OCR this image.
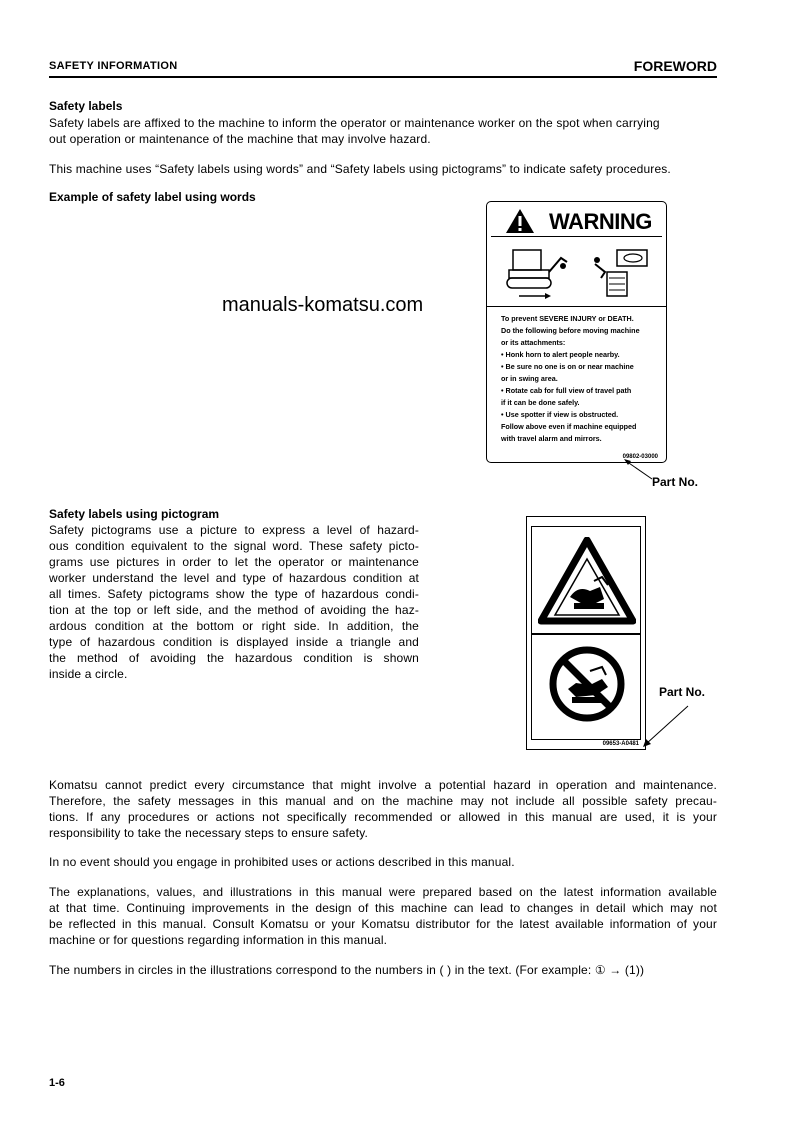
SAFETY INFORMATION	FOREWORD
Safety labels
Safety labels are affixed to the machine to inform the operator or maintenance worker on the spot when carrying
out operation or maintenance of the machine that may involve hazard.
This machine uses “Safety labels using words” and “Safety labels using pictograms” to indicate safety procedures.
Example of safety label using words
manuals-komatsu.com
WARNING
To prevent SEVERE INJURY or DEATH.
Do the following before moving machine
or its attachments:
• Honk horn to alert people nearby.
• Be sure no one is on or near machine
or in swing area.
• Rotate cab for full view of travel path
if it can be done safely.
• Use spotter if view is obstructed.
Follow above even if machine equipped
with travel alarm and mirrors.
09802-03000
Part No.
Safety labels using pictogram
Safety pictograms use a picture to express a level of hazard-
ous condition equivalent to the signal word. These safety picto-
grams use pictures in order to let the operator or maintenance
worker understand the level and type of hazardous condition at
all times. Safety pictograms show the type of hazardous condi-
tion at the top or left side, and the method of avoiding the haz-
ardous condition at the bottom or right side. In addition, the
type of hazardous condition is displayed inside a triangle and
the method of avoiding the hazardous condition is shown
inside a circle.
09653-A0481
Part No.
Komatsu cannot predict every circumstance that might involve a potential hazard in operation and maintenance.
Therefore, the safety messages in this manual and on the machine may not include all possible safety precau-
tions. If any procedures or actions not specifically recommended or allowed in this manual are used, it is your
responsibility to take the necessary steps to ensure safety.
In no event should you engage in prohibited uses or actions described in this manual.
The explanations, values, and illustrations in this manual were prepared based on the latest information available
at that time. Continuing improvements in the design of this machine can lead to changes in detail which may not
be reflected in this manual. Consult Komatsu or your Komatsu distributor for the latest available information of your
machine or for questions regarding information in this manual.
The numbers in circles in the illustrations correspond to the numbers in ( ) in the text. (For example: ① → (1))
1-6
